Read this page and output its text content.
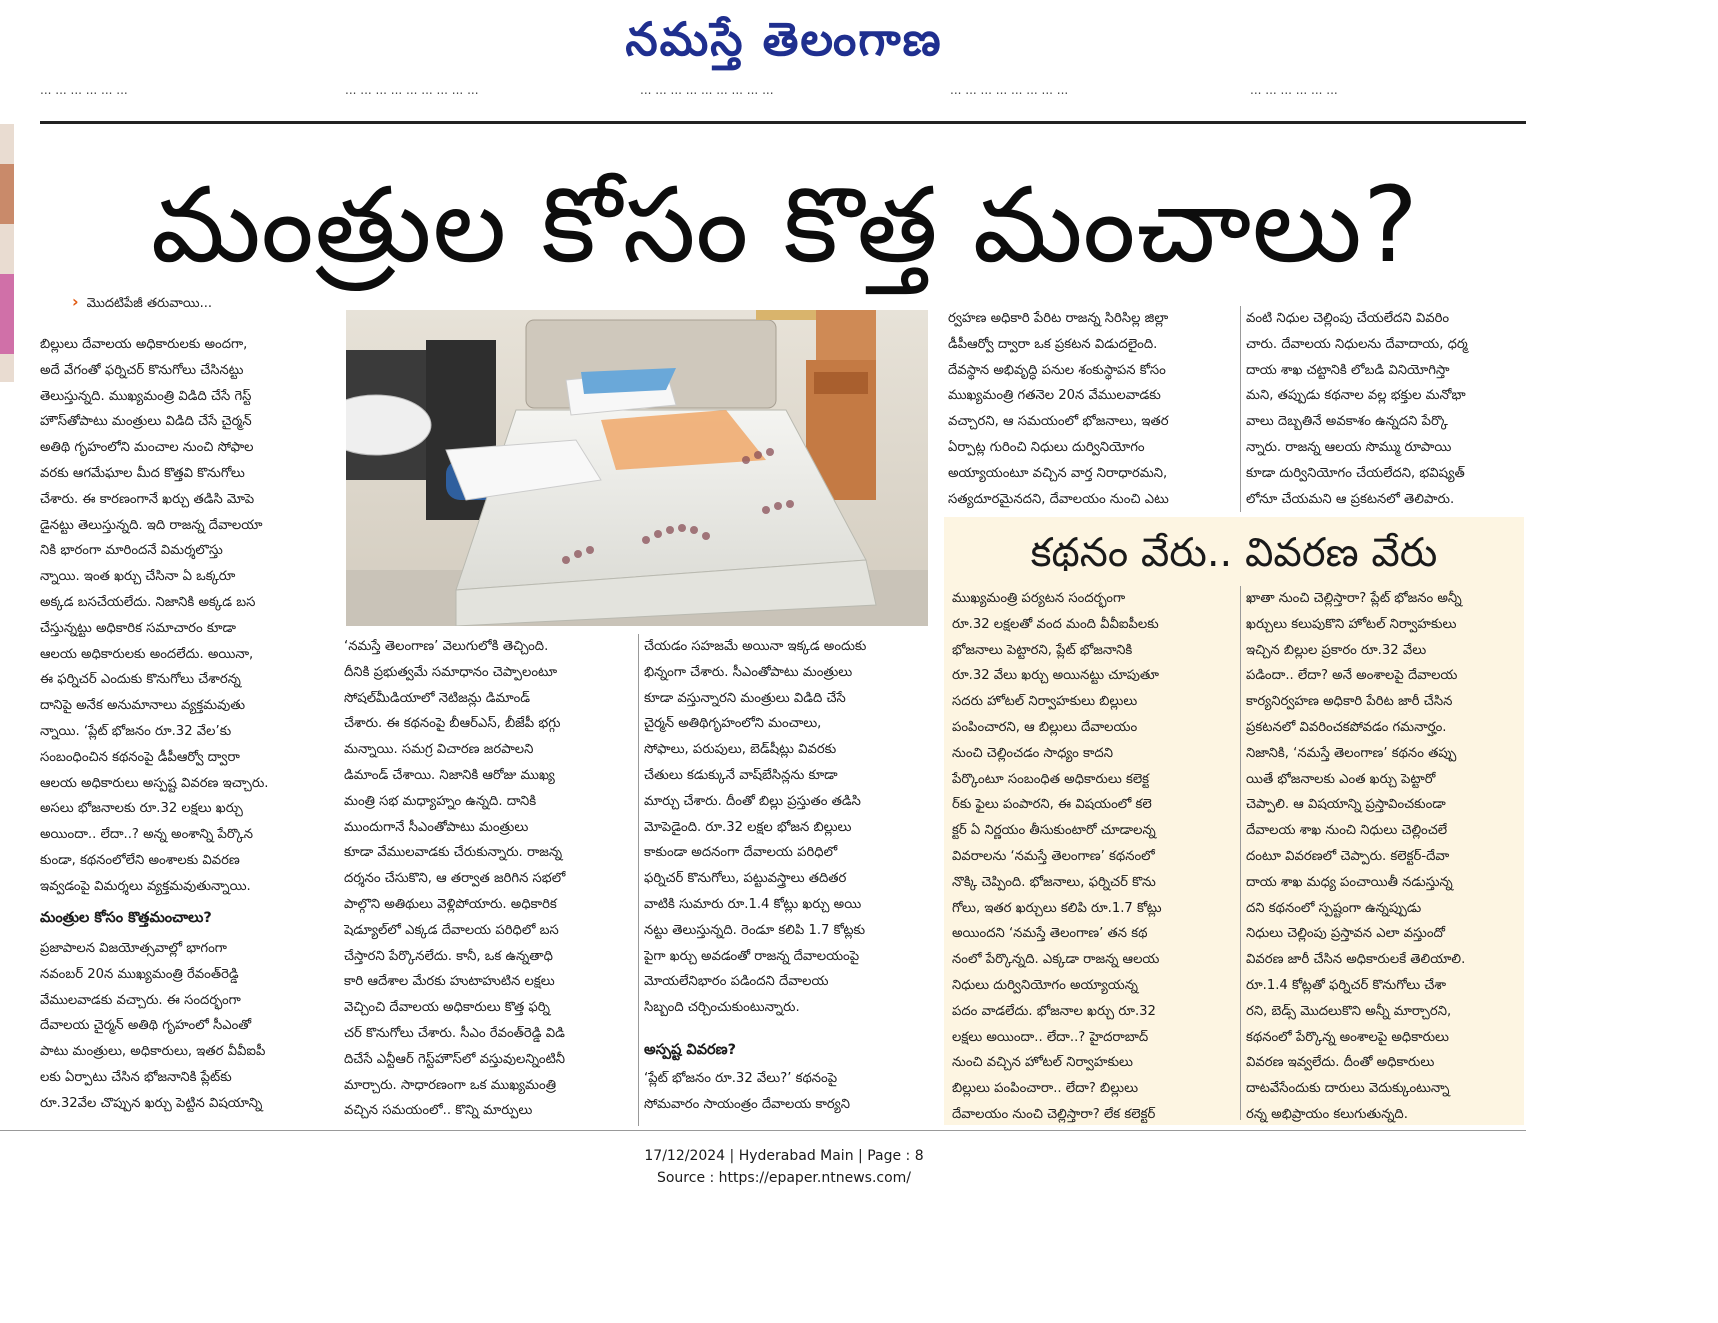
నమస్తే తెలంగాణ
... ... ... ... ... ...	... ... ... ... ... ... ... ... ...	... ... ... ... ... ... ... ... ...	... ... ... ... ... ... ... ...	... ... ... ... ... ...
మంత్రుల కోసం కొత్త మంచాలు?
› మొదటిపేజీ తరువాయి...
బిల్లులు దేవాలయ అధికారులకు అందగా,
అదే వేగంతో ఫర్నిచర్ కొనుగోలు చేసినట్టు
తెలుస్తున్నది. ముఖ్యమంత్రి విడిది చేసే గెస్ట్
హౌస్‌తోపాటు మంత్రులు విడిది చేసే చైర్మన్
అతిథి గృహంలోని మంచాల నుంచి సోఫాల
వరకు ఆగమేఘాల మీద కొత్తవి కొనుగోలు
చేశారు. ఈ కారణంగానే ఖర్చు తడిసి మోపె
డైనట్టు తెలుస్తున్నది. ఇది రాజన్న దేవాలయా
నికి భారంగా మారిందనే విమర్శలొస్తు
న్నాయి. ఇంత ఖర్చు చేసినా ఏ ఒక్కరూ
అక్కడ బసచేయలేదు. నిజానికి అక్కడ బస
చేస్తున్నట్టు అధికారిక సమాచారం కూడా
ఆలయ అధికారులకు అందలేదు. అయినా,
ఈ ఫర్నిచర్ ఎందుకు కొనుగోలు చేశారన్న
దానిపై అనేక అనుమానాలు వ్యక్తమవుతు
న్నాయి. ‘ప్లేట్ భోజనం రూ.32 వేల’కు
సంబంధించిన కథనంపై డీపీఆర్వో ద్వారా
ఆలయ అధికారులు అస్పష్ట వివరణ ఇచ్చారు.
అసలు భోజనాలకు రూ.32 లక్షలు ఖర్చు
అయిందా.. లేదా..? అన్న అంశాన్ని పేర్కొన
కుండా, కథనంలోలేని అంశాలకు వివరణ
ఇవ్వడంపై విమర్శలు వ్యక్తమవుతున్నాయి.
మంత్రుల కోసం కొత్తమంచాలు?
ప్రజాపాలన విజయోత్సవాల్లో భాగంగా
నవంబర్ 20న ముఖ్యమంత్రి రేవంత్‌రెడ్డి
వేములవాడకు వచ్చారు. ఈ సందర్భంగా
దేవాలయ చైర్మన్ అతిథి గృహంలో సీఎంతో
పాటు మంత్రులు, అధికారులు, ఇతర వీవీఐపీ
లకు ఏర్పాటు చేసిన భోజనానికి ప్లేట్‌కు
రూ.32వేల చొప్పున ఖర్చు పెట్టిన విషయాన్ని
‘నమస్తే తెలంగాణ’ వెలుగులోకి తెచ్చింది.
దీనికి ప్రభుత్వమే సమాధానం చెప్పాలంటూ
సోషల్‌మీడియాలో నెటిజన్లు డిమాండ్
చేశారు. ఈ కథనంపై బీఆర్‌ఎస్, బీజేపీ భగ్గు
మన్నాయి. సమగ్ర విచారణ జరపాలని
డిమాండ్ చేశాయి. నిజానికి ఆరోజు ముఖ్య
మంత్రి సభ మధ్యాహ్నం ఉన్నది. దానికి
ముందుగానే సీఎంతోపాటు మంత్రులు
కూడా వేములవాడకు చేరుకున్నారు. రాజన్న
దర్శనం చేసుకొని, ఆ తర్వాత జరిగిన సభలో
పాల్గొని అతిథులు వెళ్లిపోయారు. అధికారిక
షెడ్యూల్‌లో ఎక్కడ దేవాలయ పరిధిలో బస
చేస్తారని పేర్కొనలేదు. కానీ, ఒక ఉన్నతాధి
కారి ఆదేశాల మేరకు హుటాహుటిన లక్షలు
వెచ్చించి దేవాలయ అధికారులు కొత్త ఫర్ని
చర్ కొనుగోలు చేశారు. సీఎం రేవంత్‌రెడ్డి విడి
దిచేసే ఎన్టీఆర్ గెస్ట్‌హౌస్‌లో వస్తువులన్నింటినీ
మార్చారు. సాధారణంగా ఒక ముఖ్యమంత్రి
వచ్చిన సమయంలో.. కొన్ని మార్పులు
చేయడం సహజమే అయినా ఇక్కడ అందుకు
భిన్నంగా చేశారు. సీఎంతోపాటు మంత్రులు
కూడా వస్తున్నారని మంత్రులు విడిది చేసే
చైర్మన్ అతిథిగృహంలోని మంచాలు,
సోఫాలు, పరుపులు, బెడ్‌షీట్లు వివరకు
చేతులు కడుక్కునే వాష్‌బేసిన్లను కూడా
మార్చు చేశారు. దీంతో బిల్లు ప్రస్తుతం తడిసి
మోపెడైంది. రూ.32 లక్షల భోజన బిల్లులు
కాకుండా అదనంగా దేవాలయ పరిధిలో
ఫర్నిచర్ కొనుగోలు, పట్టువస్త్రాలు తదితర
వాటికి సుమారు రూ.1.4 కోట్లు ఖర్చు అయి
నట్టు తెలుస్తున్నది. రెండూ కలిపి 1.7 కోట్లకు
పైగా ఖర్చు అవడంతో రాజన్న దేవాలయంపై
మోయలేనిభారం పడిందని దేవాలయ
సిబ్బంది చర్చించుకుంటున్నారు.
అస్పష్ట వివరణ?
‘ప్లేట్ భోజనం రూ.32 వేలు?’ కథనంపై
సోమవారం సాయంత్రం దేవాలయ కార్యని
ర్వహణ అధికారి పేరిట రాజన్న సిరిసిల్ల జిల్లా
డీపీఆర్వో ద్వారా ఒక ప్రకటన విడుదలైంది.
దేవస్థాన అభివృద్ధి పనుల శంకుస్థాపన కోసం
ముఖ్యమంత్రి గతనెల 20న వేములవాడకు
వచ్చారని, ఆ సమయంలో భోజనాలు, ఇతర
ఏర్పాట్ల గురించి నిధులు దుర్వినియోగం
అయ్యాయంటూ వచ్చిన వార్త నిరాధారమని,
సత్యదూరమైనదని, దేవాలయం నుంచి ఎటు
వంటి నిధుల చెల్లింపు చేయలేదని వివరిం
చారు. దేవాలయ నిధులను దేవాదాయ, ధర్మ
దాయ శాఖ చట్టానికి లోబడి వినియోగిస్తా
మని, తప్పుడు కథనాల వల్ల భక్తుల మనోభా
వాలు దెబ్బతినే అవకాశం ఉన్నదని పేర్కొ
న్నారు. రాజన్న ఆలయ సొమ్ము రూపాయి
కూడా దుర్వినియోగం చేయలేదని, భవిష్యత్
లోనూ చేయమని ఆ ప్రకటనలో తెలిపారు.
కథనం వేరు.. వివరణ వేరు
ముఖ్యమంత్రి పర్యటన సందర్భంగా
రూ.32 లక్షలతో వంద మంది వీవీఐపీలకు
భోజనాలు పెట్టారని, ప్లేట్ భోజనానికి
రూ.32 వేలు ఖర్చు అయినట్టు చూపుతూ
సదరు హోటల్ నిర్వాహకులు బిల్లులు
పంపించారని, ఆ బిల్లులు దేవాలయం
నుంచి చెల్లించడం సాధ్యం కాదని
పేర్కొంటూ సంబంధిత అధికారులు కలెక్ట
ర్‌కు ఫైలు పంపారని, ఈ విషయంలో కలె
క్టర్ ఏ నిర్ణయం తీసుకుంటారో చూడాలన్న
వివరాలను ‘నమస్తే తెలంగాణ’ కథనంలో
నొక్కి చెప్పింది. భోజనాలు, ఫర్నిచర్ కొను
గోలు, ఇతర ఖర్చులు కలిపి రూ.1.7 కోట్లు
అయిందని ‘నమస్తే తెలంగాణ’ తన కథ
నంలో పేర్కొన్నది. ఎక్కడా రాజన్న ఆలయ
నిధులు దుర్వినియోగం అయ్యాయన్న
పదం వాడలేదు. భోజనాల ఖర్చు రూ.32
లక్షలు అయిందా.. లేదా..? హైదరాబాద్
నుంచి వచ్చిన హోటల్ నిర్వాహకులు
బిల్లులు పంపించారా.. లేదా? బిల్లులు
దేవాలయం నుంచి చెల్లిస్తారా? లేక కలెక్టర్
ఖాతా నుంచి చెల్లిస్తారా? ప్లేట్ భోజనం అన్నీ
ఖర్చులు కలుపుకొని హోటల్ నిర్వాహకులు
ఇచ్చిన బిల్లుల ప్రకారం రూ.32 వేలు
పడిందా.. లేదా? అనే అంశాలపై దేవాలయ
కార్యనిర్వహణ అధికారి పేరిట జారీ చేసిన
ప్రకటనలో వివరించకపోవడం గమనార్హం.
నిజానికి, ‘నమస్తే తెలంగాణ’ కథనం తప్పు
యితే భోజనాలకు ఎంత ఖర్చు పెట్టారో
చెప్పాలి. ఆ విషయాన్ని ప్రస్తావించకుండా
దేవాలయ శాఖ నుంచి నిధులు చెల్లించలే
దంటూ వివరణలో చెప్పారు. కలెక్టర్-దేవా
దాయ శాఖ మధ్య పంచాయితీ నడుస్తున్న
దని కథనంలో స్పష్టంగా ఉన్నప్పుడు
నిధులు చెల్లింపు ప్రస్తావన ఎలా వస్తుందో
వివరణ జారీ చేసిన అధికారులకే తెలియాలి.
రూ.1.4 కోట్లతో ఫర్నిచర్ కొనుగోలు చేశా
రని, బెడ్స్ మొదలుకొని అన్నీ మార్చారని,
కథనంలో పేర్కొన్న అంశాలపై అధికారులు
వివరణ ఇవ్వలేదు. దీంతో అధికారులు
దాటవేసేందుకు దారులు వెదుక్కుంటున్నా
రన్న అభిప్రాయం కలుగుతున్నది.
17/12/2024 | Hyderabad Main | Page : 8
Source : https://epaper.ntnews.com/
